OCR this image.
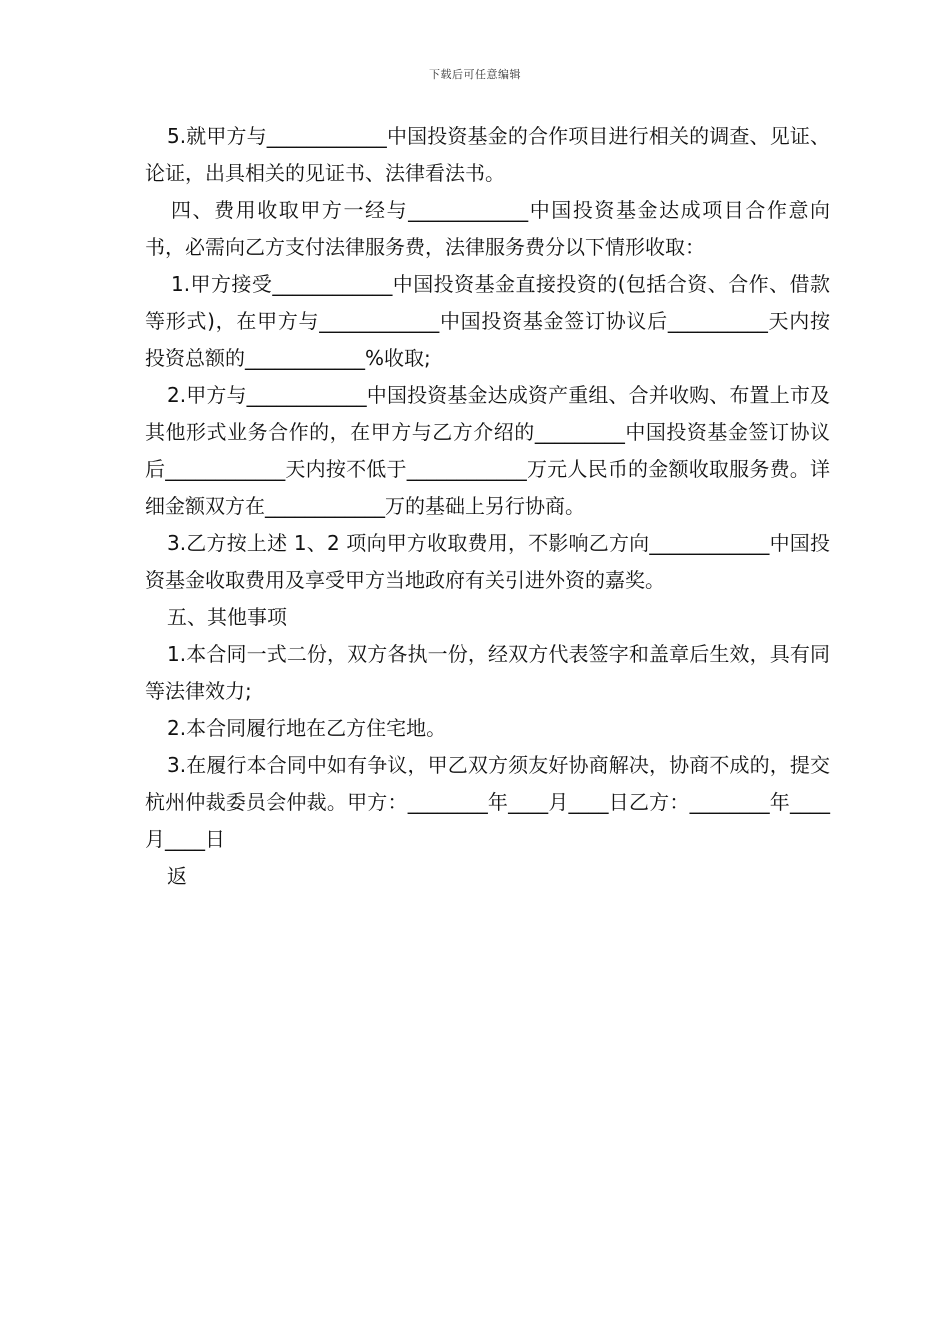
下载后可任意编辑

5.就甲方与____________中国投资基金的合作项目进行相关的调查、见证、论证，出具相关的见证书、法律看法书。

四、费用收取甲方一经与____________中国投资基金达成项目合作意向书，必需向乙方支付法律服务费，法律服务费分以下情形收取：

1.甲方接受____________中国投资基金直接投资的(包括合资、合作、借款等形式)，在甲方与____________中国投资基金签订协议后__________天内按投资总额的____________%收取;

2.甲方与____________中国投资基金达成资产重组、合并收购、布置上市及其他形式业务合作的，在甲方与乙方介绍的_________中国投资基金签订协议后____________天内按不低于____________万元人民币的金额收取服务费。详细金额双方在____________万的基础上另行协商。

3.乙方按上述 1、2 项向甲方收取费用，不影响乙方向____________中国投资基金收取费用及享受甲方当地政府有关引进外资的嘉奖。

五、其他事项

1.本合同一式二份，双方各执一份，经双方代表签字和盖章后生效，具有同等法律效力;

2.本合同履行地在乙方住宅地。

3.在履行本合同中如有争议，甲乙双方须友好协商解决，协商不成的，提交杭州仲裁委员会仲裁。甲方：________年____月____日乙方：________年____月____日

返
